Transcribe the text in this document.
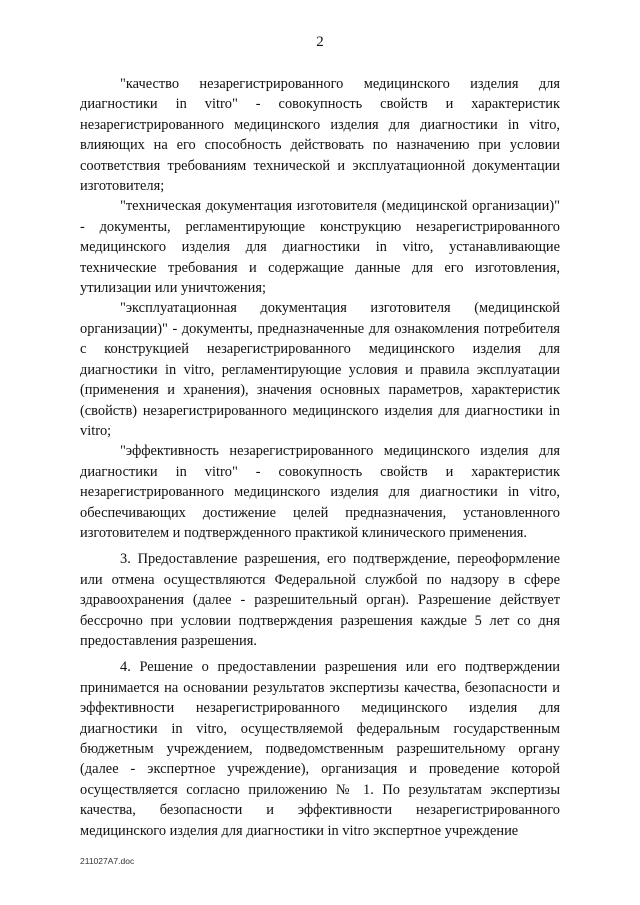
2

"качество незарегистрированного медицинского изделия для диагностики in vitro" - совокупность свойств и характеристик незарегистрированного медицинского изделия для диагностики in vitro, влияющих на его способность действовать по назначению при условии соответствия требованиям технической и эксплуатационной документации изготовителя;

"техническая документация изготовителя (медицинской организации)" - документы, регламентирующие конструкцию незарегистрированного медицинского изделия для диагностики in vitro, устанавливающие технические требования и содержащие данные для его изготовления, утилизации или уничтожения;

"эксплуатационная документация изготовителя (медицинской организации)" - документы, предназначенные для ознакомления потребителя с конструкцией незарегистрированного медицинского изделия для диагностики in vitro, регламентирующие условия и правила эксплуатации (применения и хранения), значения основных параметров, характеристик (свойств) незарегистрированного медицинского изделия для диагностики in vitro;

"эффективность незарегистрированного медицинского изделия для диагностики in vitro" - совокупность свойств и характеристик незарегистрированного медицинского изделия для диагностики in vitro, обеспечивающих достижение целей предназначения, установленного изготовителем и подтвержденного практикой клинического применения.

3. Предоставление разрешения, его подтверждение, переоформление или отмена осуществляются Федеральной службой по надзору в сфере здравоохранения (далее - разрешительный орган). Разрешение действует бессрочно при условии подтверждения разрешения каждые 5 лет со дня предоставления разрешения.

4. Решение о предоставлении разрешения или его подтверждении принимается на основании результатов экспертизы качества, безопасности и эффективности незарегистрированного медицинского изделия для диагностики in vitro, осуществляемой федеральным государственным бюджетным учреждением, подведомственным разрешительному органу (далее - экспертное учреждение), организация и проведение которой осуществляется согласно приложению № 1. По результатам экспертизы качества, безопасности и эффективности незарегистрированного медицинского изделия для диагностики in vitro экспертное учреждение

211027А7.doc
